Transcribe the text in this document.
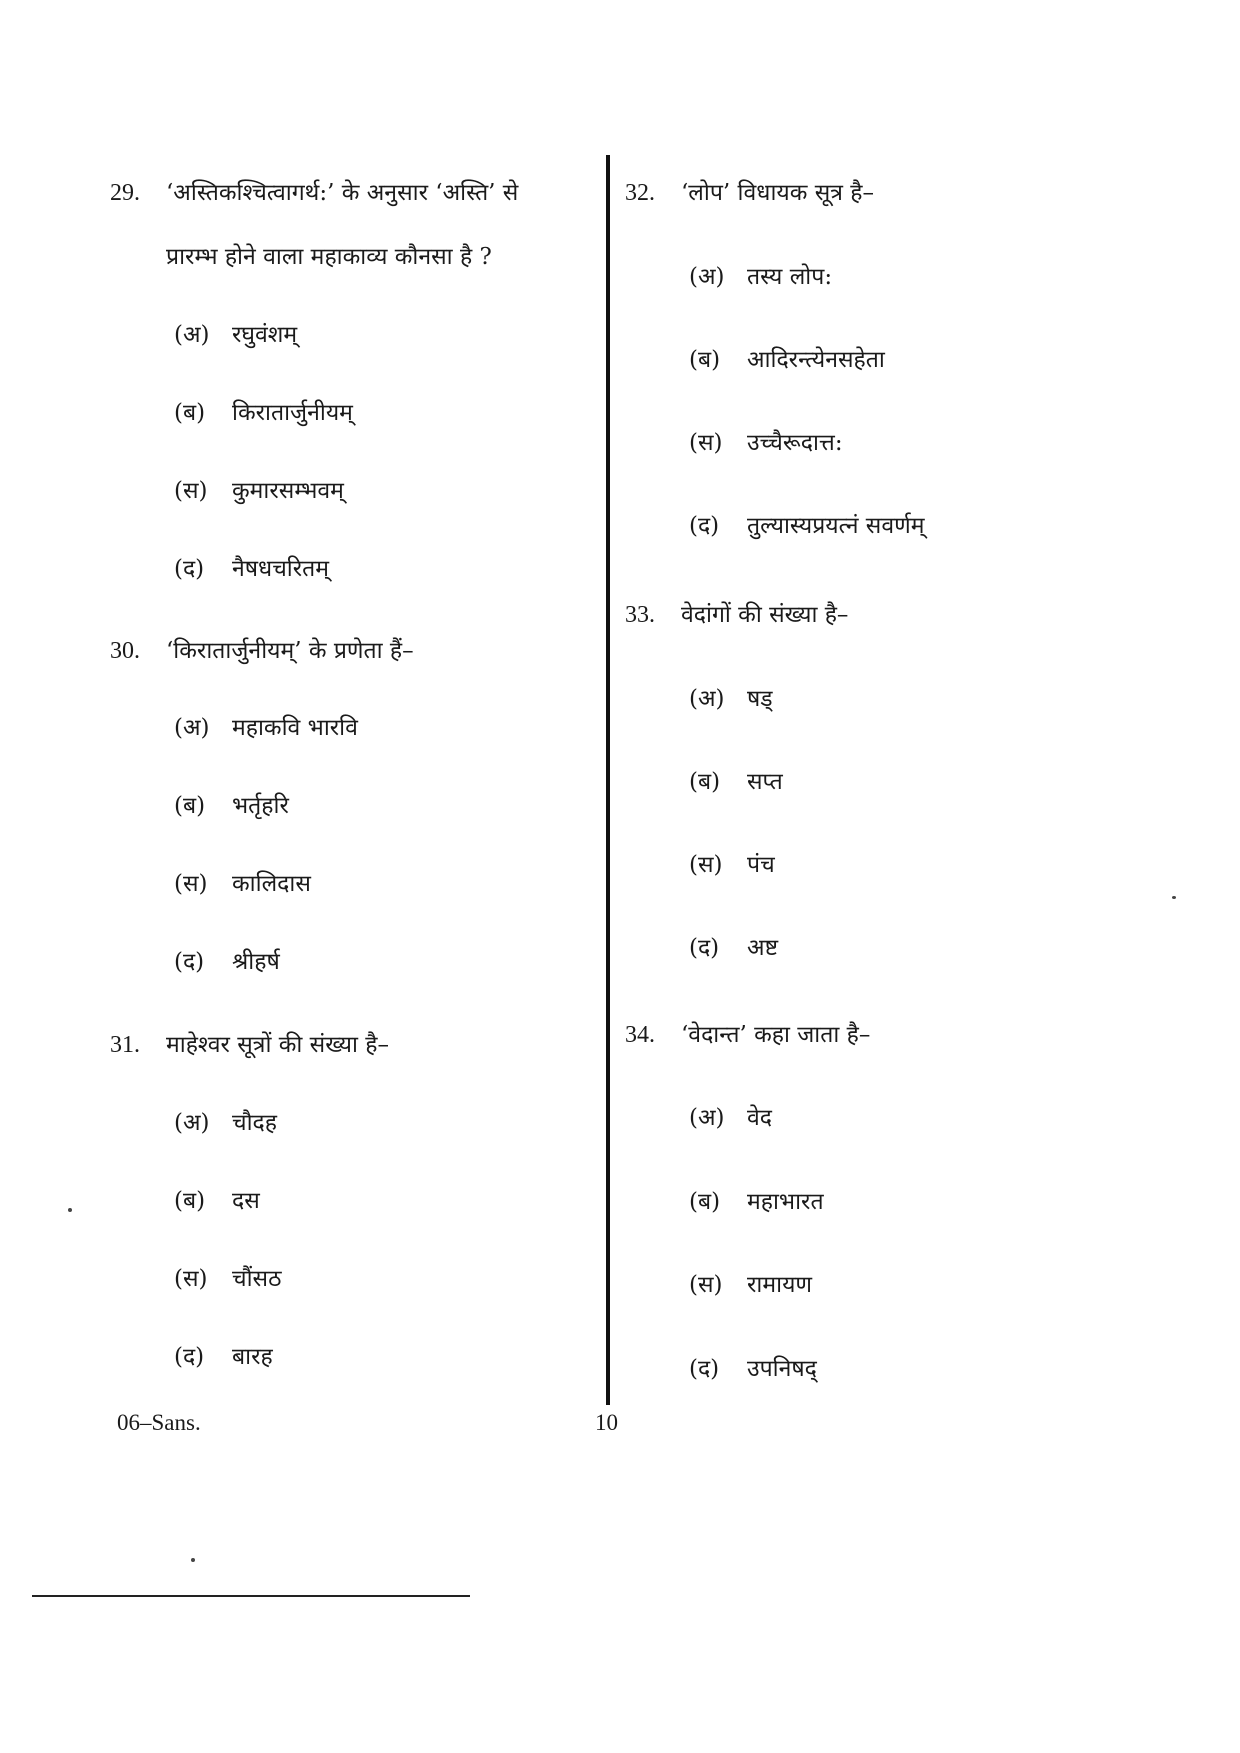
29. ‘अस्तिकश्चित्वागर्थ:’ के अनुसार ‘अस्ति’ से
प्रारम्भ होने वाला महाकाव्य कौनसा है ?
(अ) रघुवंशम्
(ब) किरातार्जुनीयम्
(स) कुमारसम्भवम्
(द) नैषधचरितम्
30. ‘किरातार्जुनीयम्’ के प्रणेता हैं–
(अ) महाकवि भारवि
(ब) भर्तृहरि
(स) कालिदास
(द) श्रीहर्ष
31. माहेश्वर सूत्रों की संख्या है–
(अ) चौदह
(ब) दस
(स) चौंसठ
(द) बारह
32. ‘लोप’ विधायक सूत्र है–
(अ) तस्य लोप:
(ब) आदिरन्त्येनसहेता
(स) उच्चैरूदात्त:
(द) तुल्यास्यप्रयत्नं सवर्णम्
33. वेदांगों की संख्या है–
(अ) षड्
(ब) सप्त
(स) पंच
(द) अष्ट
34. ‘वेदान्त’ कहा जाता है–
(अ) वेद
(ब) महाभारत
(स) रामायण
(द) उपनिषद्
06–Sans.	10
